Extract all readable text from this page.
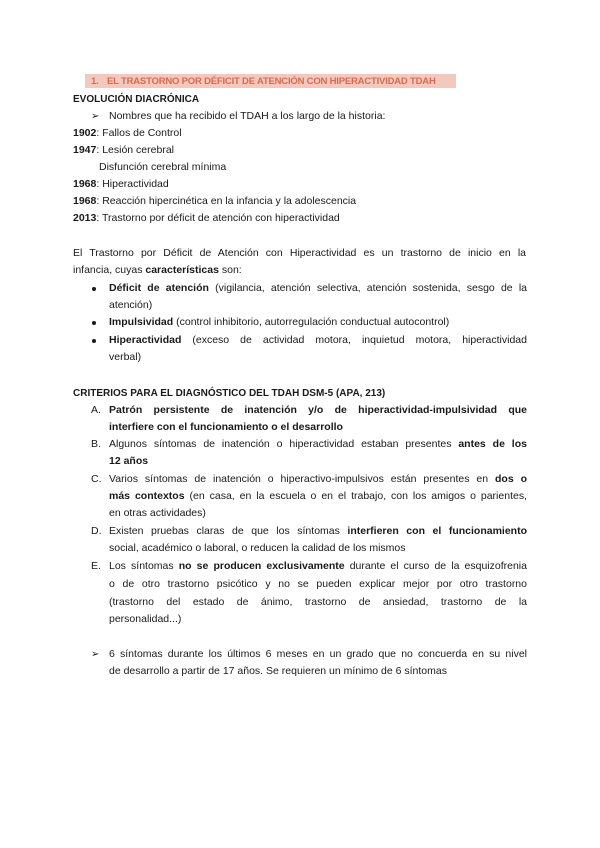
1. EL TRASTORNO POR DÉFICIT DE ATENCIÓN CON HIPERACTIVIDAD TDAH
EVOLUCIÓN DIACRÓNICA
➢ Nombres que ha recibido el TDAH a los largo de la historia:
1902: Fallos de Control
1947: Lesión cerebral
Disfunción cerebral mínima
1968: Hiperactividad
1968: Reacción hipercinética en la infancia y la adolescencia
2013: Trastorno por déficit de atención con hiperactividad
El Trastorno por Déficit de Atención con Hiperactividad es un trastorno de inicio en la
infancia, cuyas características son:
Déficit de atención (vigilancia, atención selectiva, atención sostenida, sesgo de la
atención)
Impulsividad (control inhibitorio, autorregulación conductual autocontrol)
Hiperactividad (exceso de actividad motora, inquietud motora, hiperactividad
verbal)
CRITERIOS PARA EL DIAGNÓSTICO DEL TDAH DSM-5 (APA, 213)
A. Patrón persistente de inatención y/o de hiperactividad-impulsividad que
interfiere con el funcionamiento o el desarrollo
B. Algunos síntomas de inatención o hiperactividad estaban presentes antes de los
12 años
C. Varios síntomas de inatención o hiperactivo-impulsivos están presentes en dos o
más contextos (en casa, en la escuela o en el trabajo, con los amigos o parientes,
en otras actividades)
D. Existen pruebas claras de que los síntomas interfieren con el funcionamiento
social, académico o laboral, o reducen la calidad de los mismos
E. Los síntomas no se producen exclusivamente durante el curso de la esquizofrenia
o de otro trastorno psicótico y no se pueden explicar mejor por otro trastorno
(trastorno del estado de ánimo, trastorno de ansiedad, trastorno de la
personalidad...)
➢ 6 síntomas durante los últimos 6 meses en un grado que no concuerda en su nivel
de desarrollo a partir de 17 años. Se requieren un mínimo de 6 síntomas
